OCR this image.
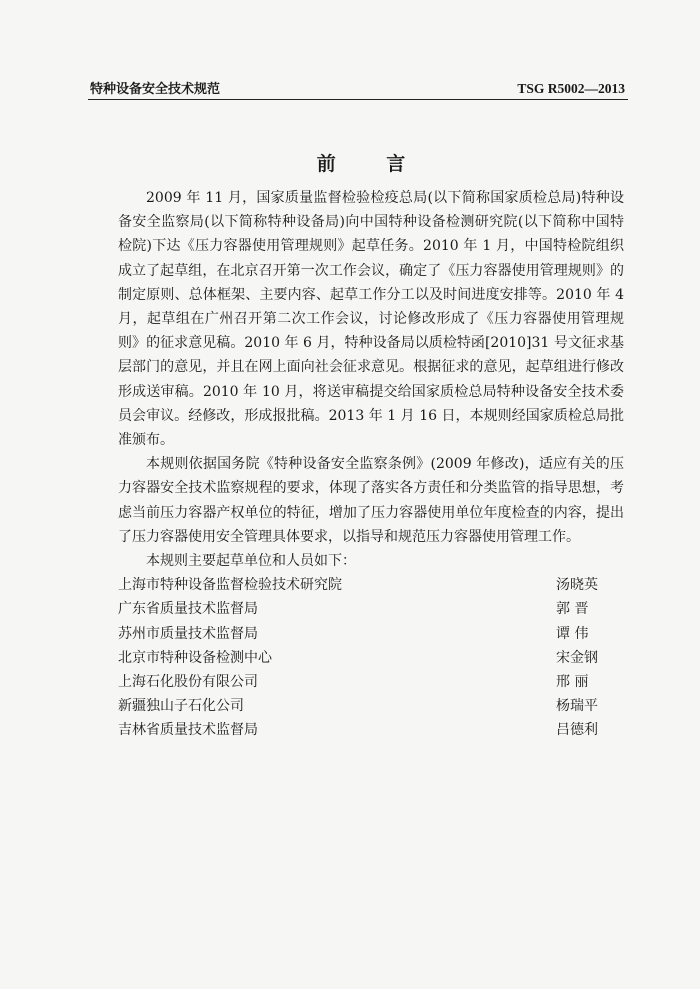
特种设备安全技术规范	TSG R5002—2013
前 言

2009 年 11 月，国家质量监督检验检疫总局(以下简称国家质检总局)特种设备安全监察局(以下简称特种设备局)向中国特种设备检测研究院(以下简称中国特检院)下达《压力容器使用管理规则》起草任务。2010 年 1 月，中国特检院组织成立了起草组，在北京召开第一次工作会议，确定了《压力容器使用管理规则》的制定原则、总体框架、主要内容、起草工作分工以及时间进度安排等。2010 年 4 月，起草组在广州召开第二次工作会议，讨论修改形成了《压力容器使用管理规则》的征求意见稿。2010 年 6 月，特种设备局以质检特函[2010]31 号文征求基层部门的意见，并且在网上面向社会征求意见。根据征求的意见，起草组进行修改形成送审稿。2010 年 10 月，将送审稿提交给国家质检总局特种设备安全技术委员会审议。经修改，形成报批稿。2013 年 1 月 16 日，本规则经国家质检总局批准颁布。

本规则依据国务院《特种设备安全监察条例》(2009 年修改)，适应有关的压力容器安全技术监察规程的要求，体现了落实各方责任和分类监管的指导思想，考虑当前压力容器产权单位的特征，增加了压力容器使用单位年度检查的内容，提出了压力容器使用安全管理具体要求，以指导和规范压力容器使用管理工作。

本规则主要起草单位和人员如下：

上海市特种设备监督检验技术研究院	汤晓英
广东省质量技术监督局	郭 晋
苏州市质量技术监督局	谭 伟
北京市特种设备检测中心	宋金钢
上海石化股份有限公司	邢 丽
新疆独山子石化公司	杨瑞平
吉林省质量技术监督局	吕德利
